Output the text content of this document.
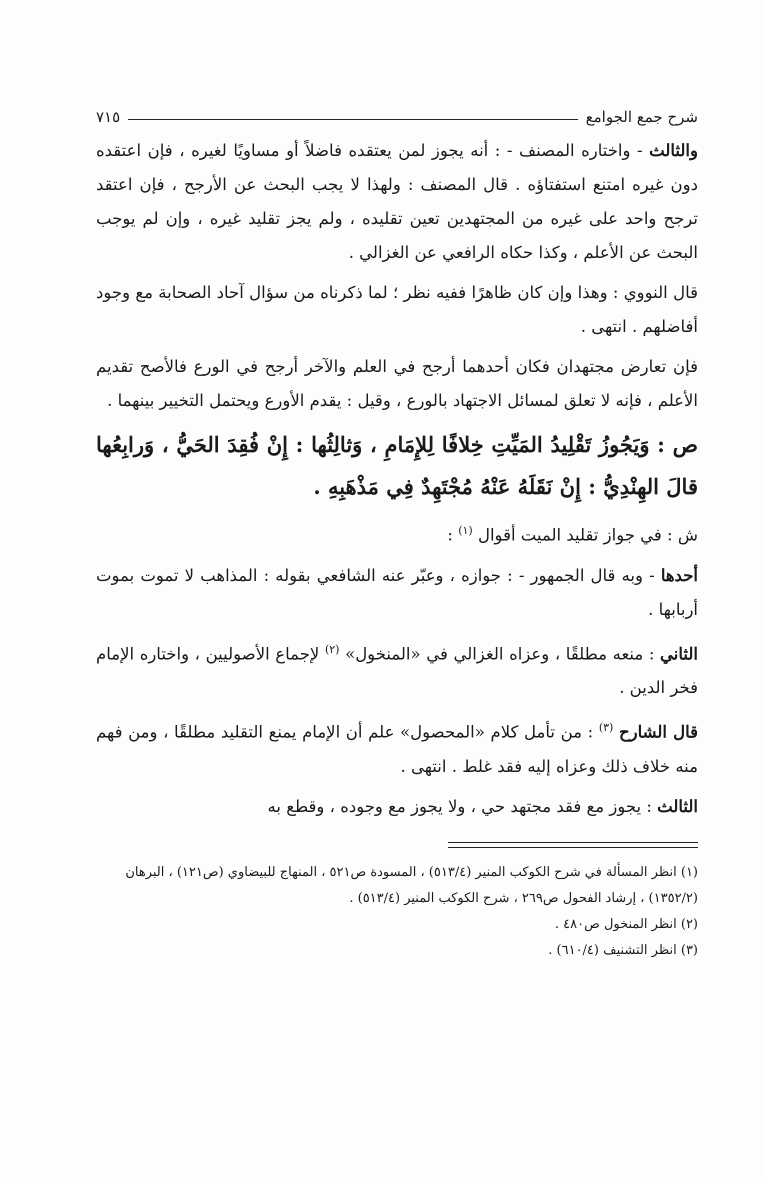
شرح جمع الجوامع
٧١٥

والثالث - واختاره المصنف - : أنه يجوز لمن يعتقده فاضلاً أو مساويًا لغيره ، فإن اعتقده دون غيره امتنع استفتاؤه . قال المصنف : ولهذا لا يجب البحث عن الأرجح ، فإن اعتقد ترجح واحد على غيره من المجتهدين تعين تقليده ، ولم يجز تقليد غيره ، وإن لم يوجب البحث عن الأعلم ، وكذا حكاه الرافعي عن الغزالي .

قال النووي : وهذا وإن كان ظاهرًا ففيه نظر ؛ لما ذكرناه من سؤال آحاد الصحابة مع وجود أفاضلهم . انتهى .

فإن تعارض مجتهدان فكان أحدهما أرجح في العلم والآخر أرجح في الورع فالأصح تقديم الأعلم ، فإنه لا تعلق لمسائل الاجتهاد بالورع ، وقيل : يقدم الأورع ويحتمل التخيير بينهما .

ص : وَيَجُوزُ تَقْلِيدُ المَيِّتِ خِلافًا لِلإِمَامِ ، وَثالِثُها : إِنْ فُقِدَ الحَيُّ ، وَرابِعُها قالَ الهِنْدِيُّ : إِنْ نَقَلَهُ عَنْهُ مُجْتَهِدٌ فِي مَذْهَبِهِ .

ش : في جواز تقليد الميت أقوال $^{(١)}$ :

أحدها - وبه قال الجمهور - : جوازه ، وعبّر عنه الشافعي بقوله : المذاهب لا تموت بموت أربابها .

الثاني : منعه مطلقًا ، وعزاه الغزالي في «المنخول» $^{(٢)}$ لإجماع الأصوليين ، واختاره الإمام فخر الدين .

قال الشارح $^{(٣)}$ : من تأمل كلام «المحصول» علم أن الإمام يمنع التقليد مطلقًا ، ومن فهم منه خلاف ذلك وعزاه إليه فقد غلط . انتهى .

الثالث : يجوز مع فقد مجتهد حي ، ولا يجوز مع وجوده ، وقطع به

(١) انظر المسألة في شرح الكوكب المنير (٥١٣/٤) ، المسودة ص٥٢١ ، المنهاج للبيضاوي (ص١٢١) ، البرهان (١٣٥٢/٢) ، إرشاد الفحول ص٢٦٩ ، شرح الكوكب المنير (٥١٣/٤) .

(٢) انظر المنخول ص٤٨٠ .

(٣) انظر التشنيف (٦١٠/٤) .
